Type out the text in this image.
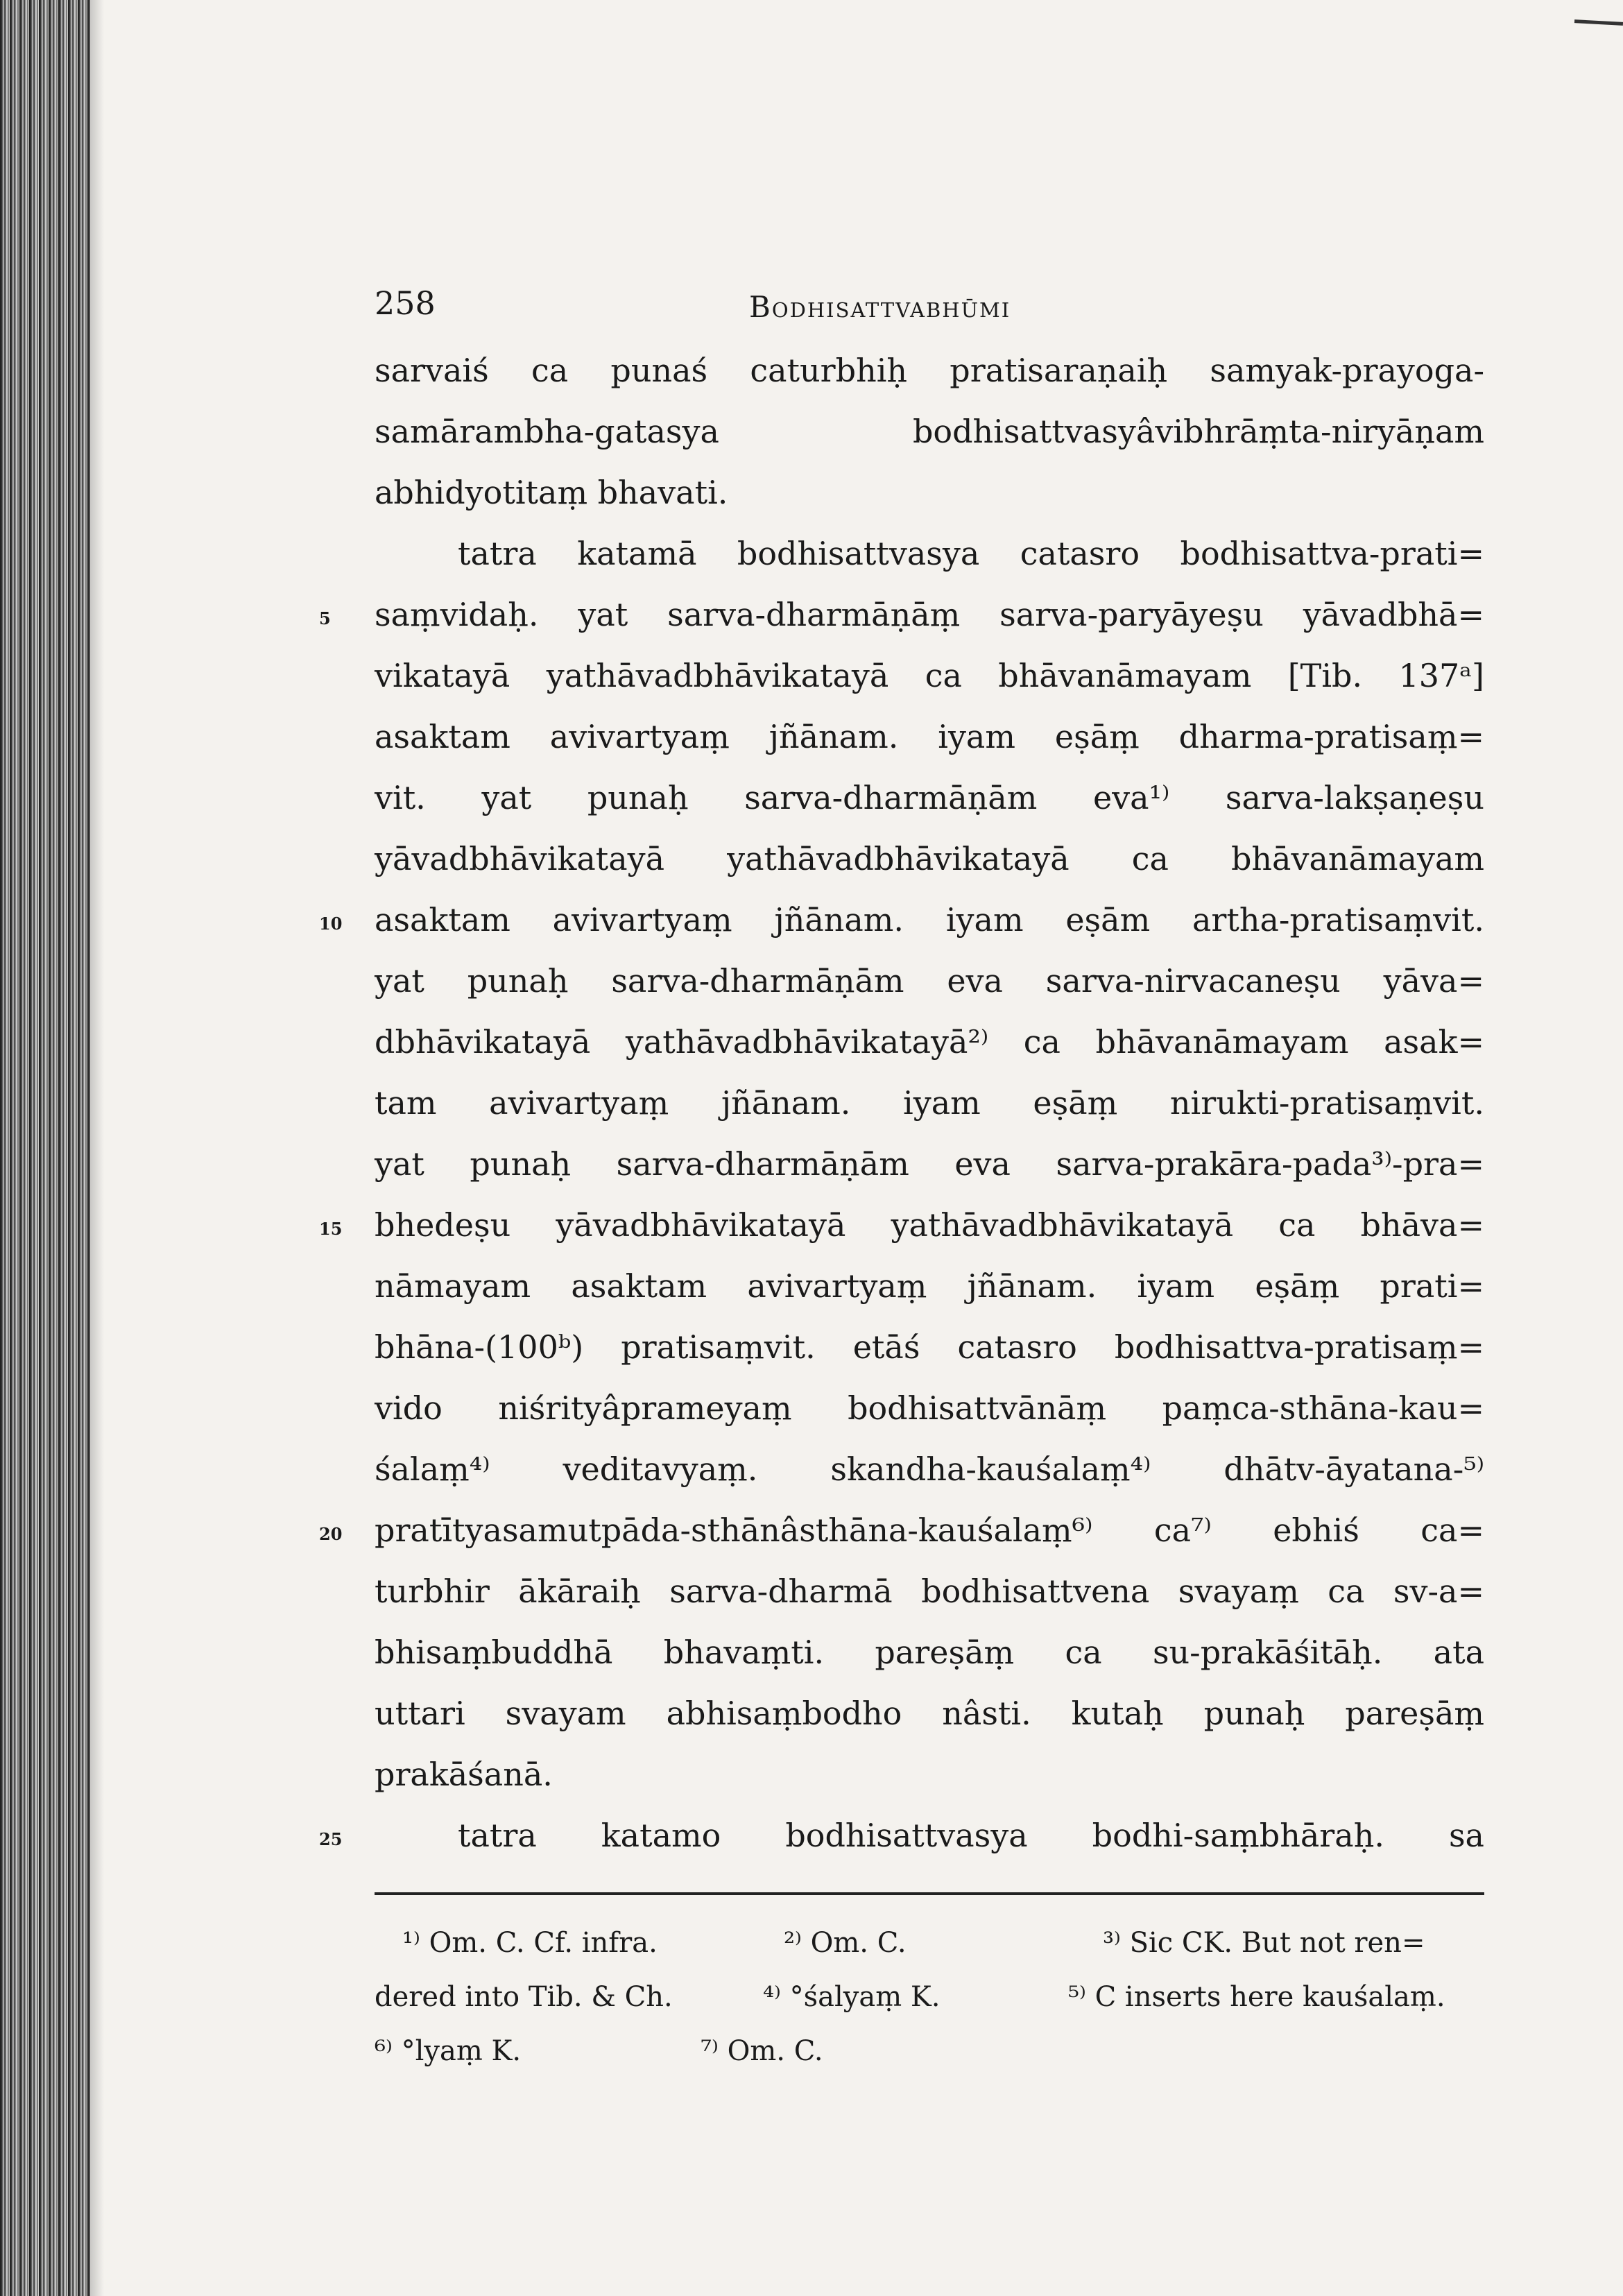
258	Bodhisattvabhūmi
sarvaiś ca punaś caturbhiḥ pratisaraṇaiḥ samyak-prayoga-
samārambha-gatasya bodhisattvasyâvibhrāṃta-niryāṇam
abhidyotitaṃ bhavati.
tatra katamā bodhisattvasya catasro bodhisattva-prati=
5 saṃvidaḥ. yat sarva-dharmāṇāṃ sarva-paryāyeṣu yāvadbhā=
vikatayā yathāvadbhāvikatayā ca bhāvanāmayam [Tib. 137ᵃ]
asaktam avivartyaṃ jñānam. iyam eṣāṃ dharma-pratisaṃ=
vit. yat punaḥ sarva-dharmāṇām eva¹⁾ sarva-lakṣaṇeṣu
yāvadbhāvikatayā yathāvadbhāvikatayā ca bhāvanāmayam
10 asaktam avivartyaṃ jñānam. iyam eṣām artha-pratisaṃvit.
yat punaḥ sarva-dharmāṇām eva sarva-nirvacaneṣu yāva=
dbhāvikatayā yathāvadbhāvikatayā²⁾ ca bhāvanāmayam asak=
tam avivartyaṃ jñānam. iyam eṣāṃ nirukti-pratisaṃvit.
yat punaḥ sarva-dharmāṇām eva sarva-prakāra-pada³⁾-pra=
15 bhedeṣu yāvadbhāvikatayā yathāvadbhāvikatayā ca bhāva=
nāmayam asaktam avivartyaṃ jñānam. iyam eṣāṃ prati=
bhāna-(100ᵇ) pratisaṃvit. etāś catasro bodhisattva-pratisaṃ=
vido niśrityâprameyaṃ bodhisattvānāṃ paṃca-sthāna-kau=
śalaṃ⁴⁾ veditavyaṃ. skandha-kauśalaṃ⁴⁾ dhātv-āyatana-⁵⁾
20 pratītyasamutpāda-sthānâsthāna-kauśalaṃ⁶⁾ ca⁷⁾ ebhiś ca=
turbhir ākāraiḥ sarva-dharmā bodhisattvena svayaṃ ca sv-a=
bhisaṃbuddhā bhavaṃti. pareṣāṃ ca su-prakāśitāḥ. ata
uttari svayam abhisaṃbodho nâsti. kutaḥ punaḥ pareṣāṃ
prakāśanā.
25	tatra katamo bodhisattvasya bodhi-saṃbhāraḥ. sa
¹⁾ Om. C. Cf. infra.	²⁾ Om. C.	³⁾ Sic CK. But not ren=
dered into Tib. & Ch.	⁴⁾ °śalyaṃ K.	⁵⁾ C inserts here kauśalaṃ.
⁶⁾ °lyaṃ K.	⁷⁾ Om. C.
